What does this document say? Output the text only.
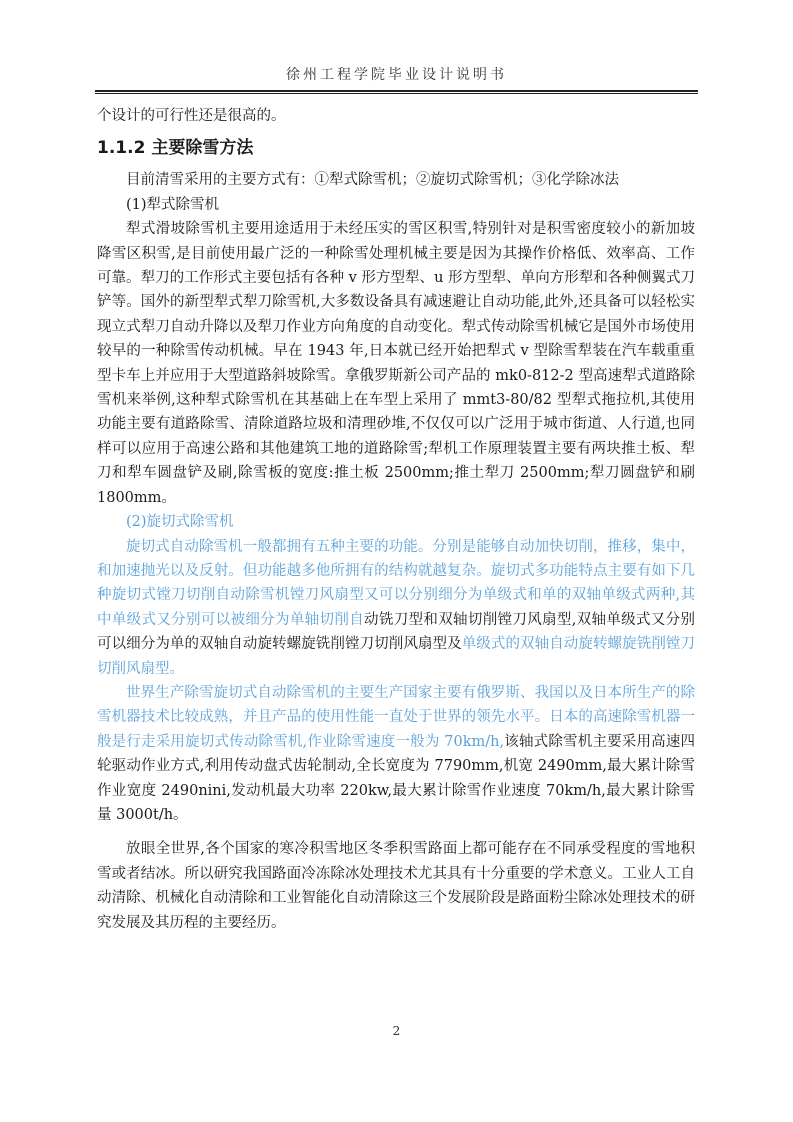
徐州工程学院毕业设计说明书

个设计的可行性还是很高的。

1.1.2 主要除雪方法

目前清雪采用的主要方式有：①犁式除雪机；②旋切式除雪机；③化学除冰法

(1)犁式除雪机

犁式滑坡除雪机主要用途适用于未经压实的雪区积雪,特别针对是积雪密度较小的新加坡降雪区积雪,是目前使用最广泛的一种除雪处理机械主要是因为其操作价格低、效率高、工作可靠。犁刀的工作形式主要包括有各种 v 形方型犁、u 形方型犁、单向方形犁和各种侧翼式刀铲等。国外的新型犁式犁刀除雪机,大多数设备具有减速避让自动功能,此外,还具备可以轻松实现立式犁刀自动升降以及犁刀作业方向角度的自动变化。犁式传动除雪机械它是国外市场使用较早的一种除雪传动机械。早在 1943 年,日本就已经开始把犁式 v 型除雪犁装在汽车载重重型卡车上并应用于大型道路斜坡除雪。拿俄罗斯新公司产品的 mk0-812-2 型高速犁式道路除雪机来举例,这种犁式除雪机在其基础上在车型上采用了 mmt3-80/82 型犁式拖拉机,其使用功能主要有道路除雪、清除道路垃圾和清理砂堆,不仅仅可以广泛用于城市街道、人行道,也同样可以应用于高速公路和其他建筑工地的道路除雪;犁机工作原理装置主要有两块推土板、犁刀和犁车圆盘铲及刷,除雪板的宽度:推土板 2500mm;推土犁刀 2500mm;犁刀圆盘铲和刷 1800mm。

(2)旋切式除雪机

旋切式自动除雪机一般都拥有五种主要的功能。分别是能够自动加快切削，推移，集中，和加速抛光以及反射。但功能越多他所拥有的结构就越复杂。旋切式多功能特点主要有如下几种旋切式镗刀切削自动除雪机镗刀风扇型又可以分别细分为单级式和单的双轴单级式两种,其中单级式又分别可以被细分为单轴切削自动铣刀型和双轴切削镗刀风扇型,双轴单级式又分别可以细分为单的双轴自动旋转螺旋铣削镗刀切削风扇型及单级式的双轴自动旋转螺旋铣削镗刀切削风扇型。

世界生产除雪旋切式自动除雪机的主要生产国家主要有俄罗斯、我国以及日本所生产的除雪机器技术比较成熟，并且产品的使用性能一直处于世界的领先水平。日本的高速除雪机器一般是行走采用旋切式传动除雪机,作业除雪速度一般为 70km/h,该轴式除雪机主要采用高速四轮驱动作业方式,利用传动盘式齿轮制动,全长宽度为 7790mm,机宽 2490mm,最大累计除雪作业宽度 2490nini,发动机最大功率 220kw,最大累计除雪作业速度 70km/h,最大累计除雪量 3000t/h。

放眼全世界,各个国家的寒冷积雪地区冬季积雪路面上都可能存在不同承受程度的雪地积雪或者结冰。所以研究我国路面冷冻除冰处理技术尤其具有十分重要的学术意义。工业人工自动清除、机械化自动清除和工业智能化自动清除这三个发展阶段是路面粉尘除冰处理技术的研究发展及其历程的主要经历。

2
